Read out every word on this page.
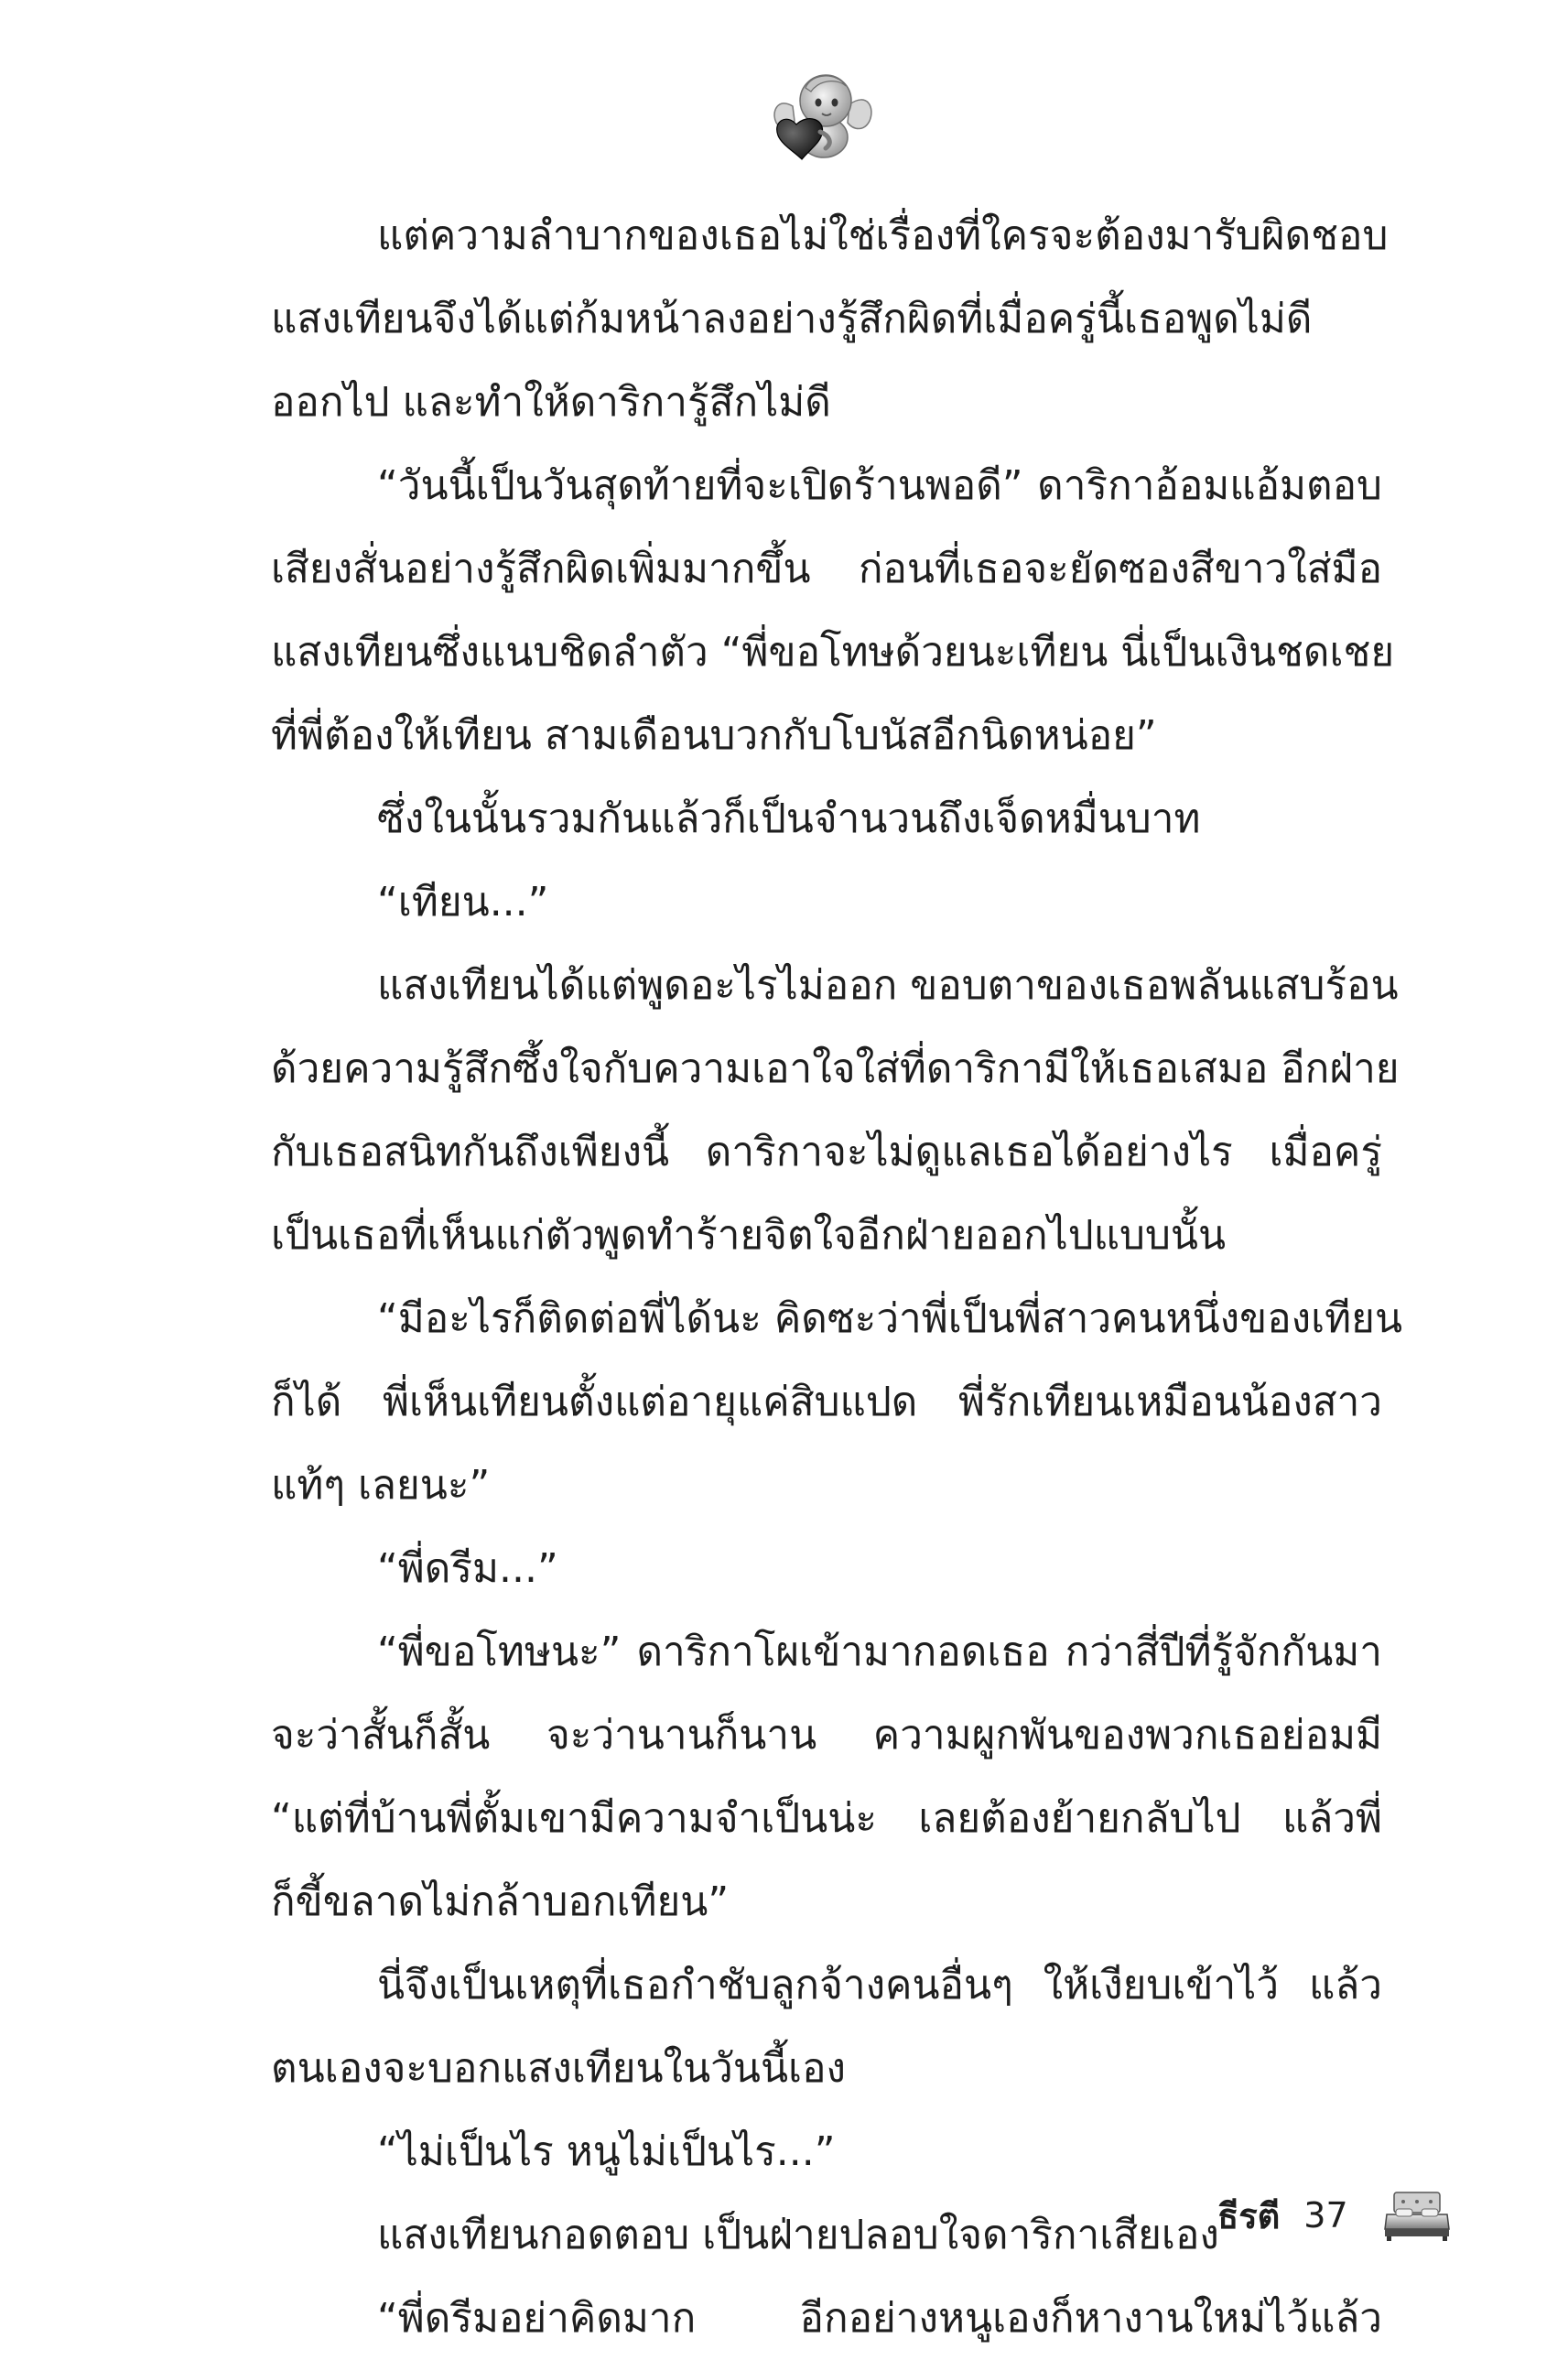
แต่ความลำบากของเธอไม่ใช่เรื่องที่ใครจะต้องมารับผิดชอบ
แสงเทียนจึงได้แต่ก้มหน้าลงอย่างรู้สึกผิดที่เมื่อครู่นี้เธอพูดไม่ดี
ออกไป และทำให้ดาริการู้สึกไม่ดี
“วันนี้เป็นวันสุดท้ายที่จะเปิดร้านพอดี” ดาริกาอ้อมแอ้มตอบ
เสียงสั่นอย่างรู้สึกผิดเพิ่มมากขึ้น ก่อนที่เธอจะยัดซองสีขาวใส่มือ
แสงเทียนซึ่งแนบชิดลำตัว “พี่ขอโทษด้วยนะเทียน นี่เป็นเงินชดเชย
ที่พี่ต้องให้เทียน สามเดือนบวกกับโบนัสอีกนิดหน่อย”
ซึ่งในนั้นรวมกันแล้วก็เป็นจำนวนถึงเจ็ดหมื่นบาท
“เทียน...”
แสงเทียนได้แต่พูดอะไรไม่ออก ขอบตาของเธอพลันแสบร้อน
ด้วยความรู้สึกซึ้งใจกับความเอาใจใส่ที่ดาริกามีให้เธอเสมอ อีกฝ่าย
กับเธอสนิทกันถึงเพียงนี้ ดาริกาจะไม่ดูแลเธอได้อย่างไร เมื่อครู่
เป็นเธอที่เห็นแก่ตัวพูดทำร้ายจิตใจอีกฝ่ายออกไปแบบนั้น
“มีอะไรก็ติดต่อพี่ได้นะ คิดซะว่าพี่เป็นพี่สาวคนหนึ่งของเทียน
ก็ได้ พี่เห็นเทียนตั้งแต่อายุแค่สิบแปด พี่รักเทียนเหมือนน้องสาว
แท้ๆ เลยนะ”
“พี่ดรีม...”
“พี่ขอโทษนะ” ดาริกาโผเข้ามากอดเธอ กว่าสี่ปีที่รู้จักกันมา
จะว่าสั้นก็สั้น จะว่านานก็นาน ความผูกพันของพวกเธอย่อมมี
“แต่ที่บ้านพี่ตั้มเขามีความจำเป็นน่ะ เลยต้องย้ายกลับไป แล้วพี่
ก็ขี้ขลาดไม่กล้าบอกเทียน”
นี่จึงเป็นเหตุที่เธอกำชับลูกจ้างคนอื่นๆ ให้เงียบเข้าไว้ แล้ว
ตนเองจะบอกแสงเทียนในวันนี้เอง
“ไม่เป็นไร หนูไม่เป็นไร...”
แสงเทียนกอดตอบ เป็นฝ่ายปลอบใจดาริกาเสียเอง
“พี่ดรีมอย่าคิดมาก อีกอย่างหนูเองก็หางานใหม่ไว้แล้ว
ธีรตี 37
